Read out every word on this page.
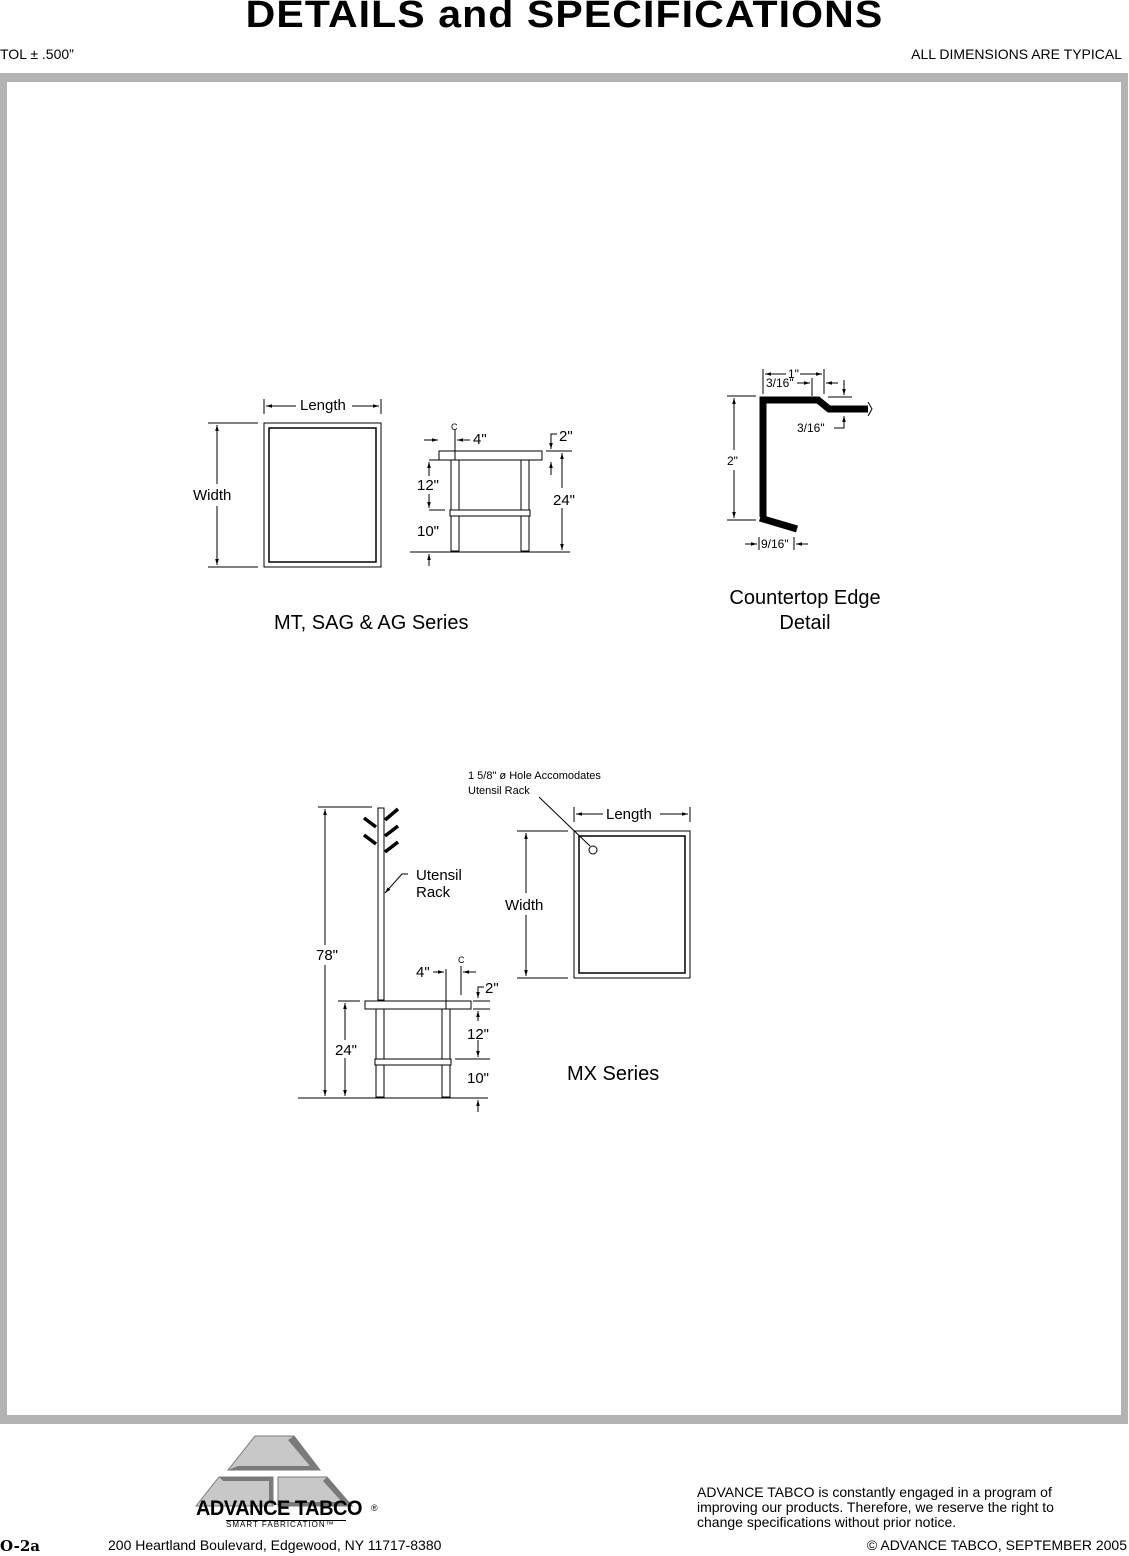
DETAILS and SPECIFICATIONS
TOL ± .500”	ALL DIMENSIONS ARE TYPICAL
Length
Width
C
4"	2"
12"
10"
24"
MT, SAG & AG Series
1"
3/16"
3/16"
2"
9/16"
Countertop Edge
Detail
78"
24"
4"
C
2"
12"
10"
Utensil
Rack
1 5/8" ø Hole Accomodates
Utensil Rack
Length
Width
MX Series
ADVANCE TABCO ®
SMART FABRICATION™
O-2a	200 Heartland Boulevard, Edgewood, NY 11717-8380
ADVANCE TABCO is constantly engaged in a program of
improving our products. Therefore, we reserve the right to
change specifications without prior notice.
© ADVANCE TABCO, SEPTEMBER 2005
